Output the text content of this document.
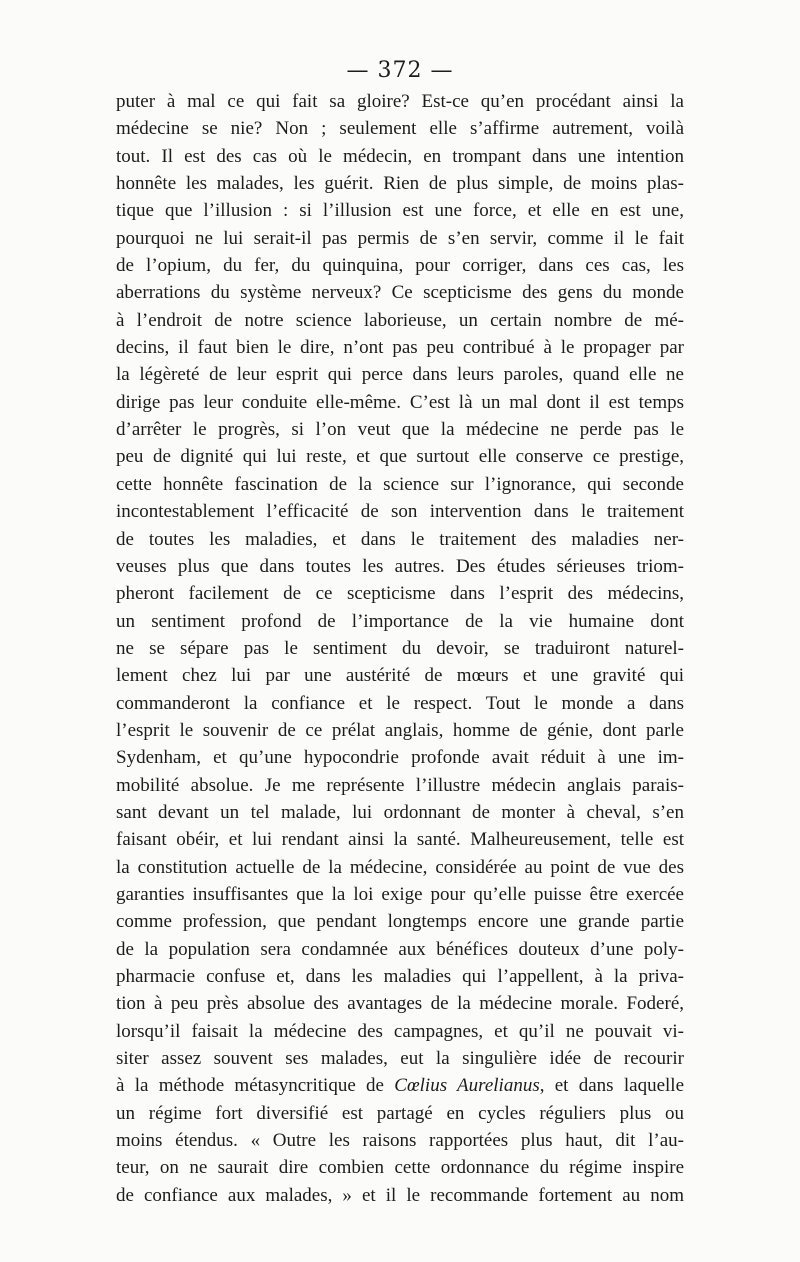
— 372 —
puter à mal ce qui fait sa gloire? Est-ce qu’en procédant ainsi la
médecine se nie? Non ; seulement elle s’affirme autrement, voilà
tout. Il est des cas où le médecin, en trompant dans une intention
honnête les malades, les guérit. Rien de plus simple, de moins plas-
tique que l’illusion : si l’illusion est une force, et elle en est une,
pourquoi ne lui serait-il pas permis de s’en servir, comme il le fait
de l’opium, du fer, du quinquina, pour corriger, dans ces cas, les
aberrations du système nerveux? Ce scepticisme des gens du monde
à l’endroit de notre science laborieuse, un certain nombre de mé-
decins, il faut bien le dire, n’ont pas peu contribué à le propager par
la légèreté de leur esprit qui perce dans leurs paroles, quand elle ne
dirige pas leur conduite elle-même. C’est là un mal dont il est temps
d’arrêter le progrès, si l’on veut que la médecine ne perde pas le
peu de dignité qui lui reste, et que surtout elle conserve ce prestige,
cette honnête fascination de la science sur l’ignorance, qui seconde
incontestablement l’efficacité de son intervention dans le traitement
de toutes les maladies, et dans le traitement des maladies ner-
veuses plus que dans toutes les autres. Des études sérieuses triom-
pheront facilement de ce scepticisme dans l’esprit des médecins,
un sentiment profond de l’importance de la vie humaine dont
ne se sépare pas le sentiment du devoir, se traduiront naturel-
lement chez lui par une austérité de mœurs et une gravité qui
commanderont la confiance et le respect. Tout le monde a dans
l’esprit le souvenir de ce prélat anglais, homme de génie, dont parle
Sydenham, et qu’une hypocondrie profonde avait réduit à une im-
mobilité absolue. Je me représente l’illustre médecin anglais parais-
sant devant un tel malade, lui ordonnant de monter à cheval, s’en
faisant obéir, et lui rendant ainsi la santé. Malheureusement, telle est
la constitution actuelle de la médecine, considérée au point de vue des
garanties insuffisantes que la loi exige pour qu’elle puisse être exercée
comme profession, que pendant longtemps encore une grande partie
de la population sera condamnée aux bénéfices douteux d’une poly-
pharmacie confuse et, dans les maladies qui l’appellent, à la priva-
tion à peu près absolue des avantages de la médecine morale. Foderé,
lorsqu’il faisait la médecine des campagnes, et qu’il ne pouvait vi-
siter assez souvent ses malades, eut la singulière idée de recourir
à la méthode métasyncritique de Cœlius Aurelianus, et dans laquelle
un régime fort diversifié est partagé en cycles réguliers plus ou
moins étendus. « Outre les raisons rapportées plus haut, dit l’au-
teur, on ne saurait dire combien cette ordonnance du régime inspire
de confiance aux malades, » et il le recommande fortement au nom
